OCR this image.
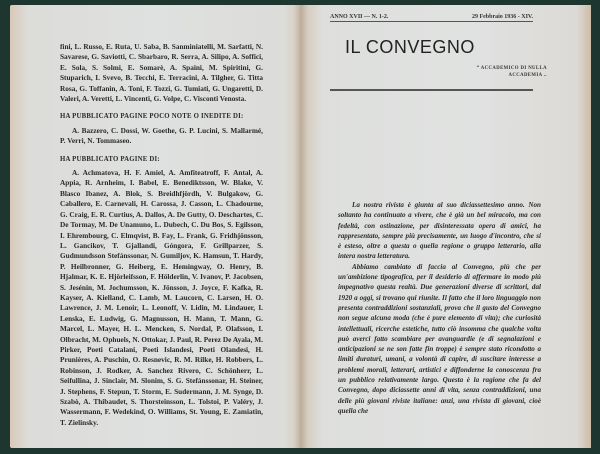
fini, L. Russo, E. Ruta, U. Saba, B. Sanminiatelli, M. Sarfatti, N. Savarese, G. Saviotti, C. Sbarbaro, R. Serra, A. Silipo, A. Soffici, E. Sola, S. Solmi, E. Somarè, A. Spaini, M. Spiritini, G. Stuparich, I. Svevo, B. Tecchi, E. Terracini, A. Tilgher, G. Titta Rosa, G. Toffanin, A. Toni, F. Tozzi, G. Tumiati, G. Ungaretti, D. Valeri, A. Veretti, L. Vincenti, G. Volpe, C. Visconti Venosta.

HA PUBBLICATO PAGINE POCO NOTE O INEDITE DI:

A. Bazzero, C. Dossi, W. Goethe, G. P. Lucini, S. Mallarmé, P. Verri, N. Tommaseo.

HA PUBBLICATO PAGINE DI:

A. Achmatova, H. F. Amiel, A. Amfiteatroff, F. Antal, A. Appia, R. Arnheim, I. Babel, E. Benediktsson, W. Blake, V. Blasco Ibanez, A. Blok, S. Breidhfjördh, V. Bulgakow, G. Caballero, E. Carnevali, H. Carossa, J. Casson, L. Chadourne, G. Craig, E. R. Curtius, A. Dallos, A. De Gutty, O. Deschartes, C. De Tormay, M. De Unamuno, L. Dubech, C. Du Bos, S. Egilsson, I. Ehrembourg, C. Elmqvist, B. Fay, L. Frank, G. Fridhjönsson, L. Gancikov, T. Gjallandi, Góngora, F. Grillparzer, S. Gudmundsson Stefánssonar, N. Gumiljov, K. Hamsun, T. Hardy, P. Heilbronner, G. Heiberg, E. Hemingway, O. Henry, B. Hjalmar, K. E. Hjörleifsson, F. Hölderlin, V. Ivanov, P. Jacobsen, S. Jesénin, M. Jochumsson, K. Jönsson, J. Joyce, F. Kafka, R. Kayser, A. Kielland, C. Lamb, M. Laucorn, C. Larsen, H. O. Lawrence, J. M. Lenoir, L. Leonoff, V. Lidin, M. Lindauer, I. Lenska, E. Ludwig, G. Magnusson, H. Mann, T. Mann, G. Marcel, L. Mayer, H. L. Mencken, S. Nordal, P. Olafsson, I. Olbracht, M. Ophuels, N. Ottokar, J. Paul, R. Perez De Ayala, M. Pirker, Poeti Catalani, Poeti Islandesi, Poeti Olandesi, H. Prunières, A. Puschin, O. Resnevic, R. M. Rilke, H. Robbers, L. Robinson, J. Rodker, A. Sanchez Rivero, C. Schönherr, L. Seifullina, J. Sinclair, M. Slonim, S. G. Stefánssonar, H. Steiner, J. Stephens, F. Stepun, T. Storm, E. Sudermann, J. M. Synge, D. Szabò, A. Thibaudet, S. Thorsteinsson, L. Tolstoi, P. Valéry, J. Wassermann, F. Wedekind, O. Williams, St. Young, E. Zamiatin, T. Zielinsky.

ANNO XVII — N. 1-2.	29 Febbraio 1936 - XIV.
IL CONVEGNO
“ ACCADEMICO DI NULLA ACCADEMIA ..

La nostra rivista è giunta al suo diciassettesimo anno. Non soltanto ha continuato a vivere, che è già un bel miracolo, ma con fedeltà, con ostinazione, per disinteressata opera di amici, ha rappresentato, sempre più precisamente, un luogo d'incontro, che si è esteso, oltre a questa o quella regione o gruppo letterario, alla intera nostra letteratura.

Abbiamo cambiato di faccia al Convegno, più che per un'ambizione tipografica, per il desiderio di affermare in modo più impegnativo questa realtà. Due generazioni diverse di scrittori, dal 1920 a oggi, si trovano qui riunite. Il fatto che il loro linguaggio non presenta contraddizioni sostanziali, prova che il gusto del Convegno non segue alcuna moda (che è pure elemento di vita); che curiosità intellettuali, ricerche estetiche, tutto ciò insomma che qualche volta può averci fatto scambiare per avanguardie (e di segnalazioni e anticipazioni se ne son fatte fin troppe) è sempre stato ricondotto a limiti duraturi, umani, a volontà di capire, di suscitare interesse a problemi morali, letterari, artistici e diffonderne la conoscenza fra un pubblico relativamente largo. Questa è la ragione che fa del Convegno, dopo diciassette anni di vita, senza contraddizioni, una delle più giovani riviste italiane: anzi, una rivista di giovani, cioè quella che
